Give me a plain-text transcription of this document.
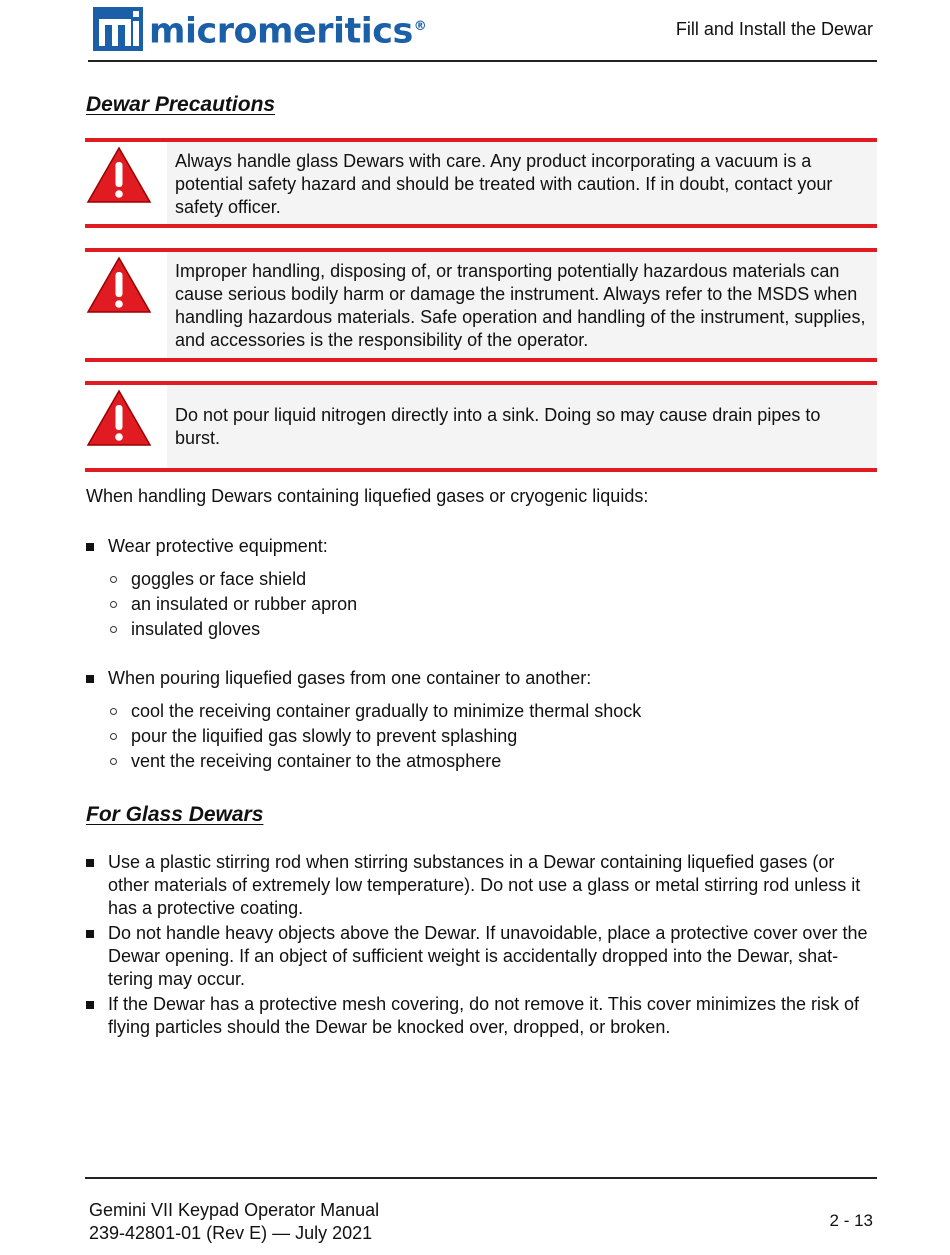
micromeritics®	Fill and Install the Dewar
Dewar Precautions
Always handle glass Dewars with care. Any product incorporating a vacuum is a potential safety hazard and should be treated with caution. If in doubt, contact your safety officer.
Improper handling, disposing of, or transporting potentially hazardous materials can cause serious bodily harm or damage the instrument. Always refer to the MSDS when handling hazardous materials. Safe operation and handling of the instrument, supplies, and accessories is the responsibility of the operator.
Do not pour liquid nitrogen directly into a sink. Doing so may cause drain pipes to burst.
When handling Dewars containing liquefied gases or cryogenic liquids:
Wear protective equipment:
goggles or face shield
an insulated or rubber apron
insulated gloves
When pouring liquefied gases from one container to another:
cool the receiving container gradually to minimize thermal shock
pour the liquified gas slowly to prevent splashing
vent the receiving container to the atmosphere
For Glass Dewars
Use a plastic stirring rod when stirring substances in a Dewar containing liquefied gases (or other materials of extremely low temperature). Do not use a glass or metal stirring rod unless it has a protective coating.
Do not handle heavy objects above the Dewar. If unavoidable, place a protective cover over the Dewar opening. If an object of sufficient weight is accidentally dropped into the Dewar, shat-tering may occur.
If the Dewar has a protective mesh covering, do not remove it. This cover minimizes the risk of flying particles should the Dewar be knocked over, dropped, or broken.
Gemini VII Keypad Operator Manual
239-42801-01 (Rev E) — July 2021
2 - 13
